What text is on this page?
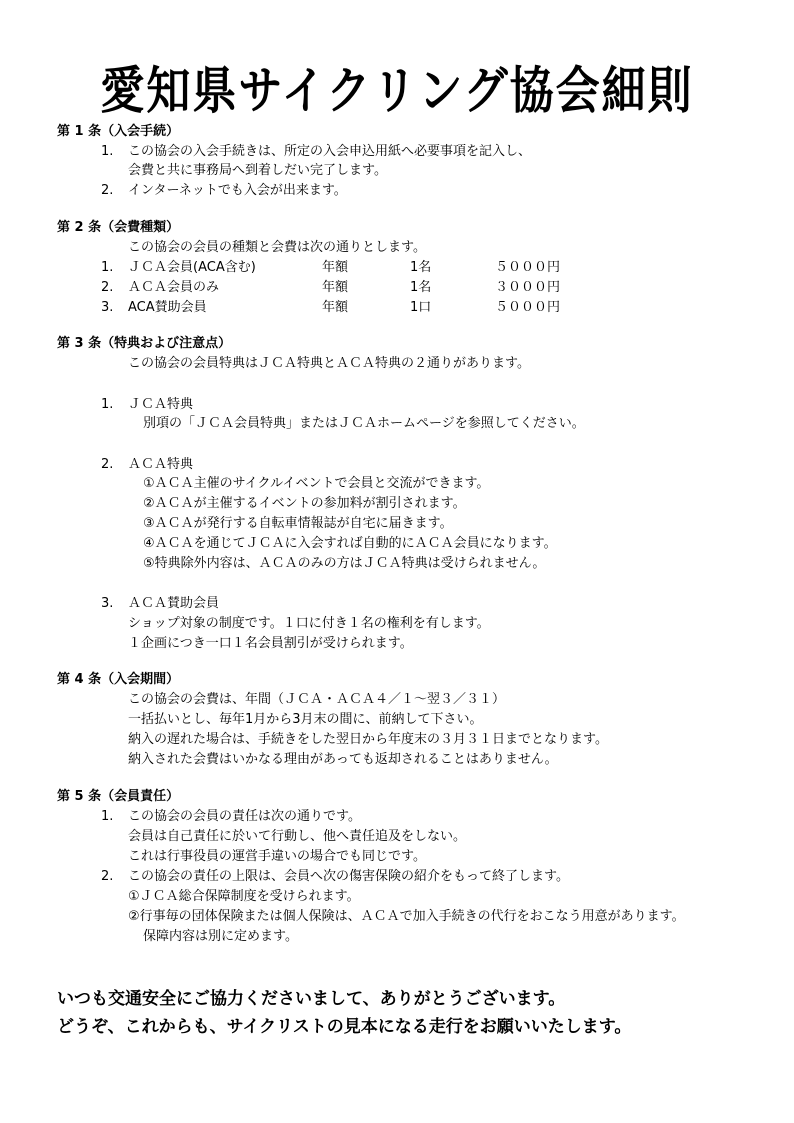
愛知県サイクリング協会細則
第 1 条（入会手続）
1. この協会の入会手続きは、所定の入会申込用紙へ必要事項を記入し、
会費と共に事務局へ到着しだい完了します。
2. インターネットでも入会が出来ます。
第 2 条（会費種類）
この協会の会員の種類と会費は次の通りとします。
1. ＪＣＡ会員(ACA含む)	年額	1名	５０００円
2. ＡＣＡ会員のみ	年額	1名	３０００円
3. ACA賛助会員	年額	1口	５０００円
第 3 条（特典および注意点）
この協会の会員特典はＪＣＡ特典とＡＣＡ特典の２通りがあります。
1. ＪＣＡ特典
別項の「ＪＣＡ会員特典」またはＪＣＡホームページを参照してください。
2. ＡＣＡ特典
①ＡＣＡ主催のサイクルイベントで会員と交流ができます。
②ＡＣＡが主催するイベントの参加料が割引されます。
③ＡＣＡが発行する自転車情報誌が自宅に届きます。
④ＡＣＡを通じてＪＣＡに入会すれば自動的にＡＣＡ会員になります。
⑤特典除外内容は、ＡＣＡのみの方はＪＣＡ特典は受けられません。
3. ＡＣＡ賛助会員
ショップ対象の制度です。１口に付き１名の権利を有します。
１企画につき一口１名会員割引が受けられます。
第 4 条（入会期間）
この協会の会費は、年間（ＪＣＡ・ＡＣＡ４／１～翌３／３１）
一括払いとし、毎年1月から3月末の間に、前納して下さい。
納入の遅れた場合は、手続きをした翌日から年度末の３月３１日までとなります。
納入された会費はいかなる理由があっても返却されることはありません。
第 5 条（会員責任）
1. この協会の会員の責任は次の通りです。
会員は自己責任に於いて行動し、他へ責任追及をしない。
これは行事役員の運営手違いの場合でも同じです。
2. この協会の責任の上限は、会員へ次の傷害保険の紹介をもって終了します。
①ＪＣＡ総合保障制度を受けられます。
②行事毎の団体保険または個人保険は、ＡＣＡで加入手続きの代行をおこなう用意があります。
保障内容は別に定めます。
いつも交通安全にご協力くださいまして、ありがとうございます。
どうぞ、これからも、サイクリストの見本になる走行をお願いいたします。
